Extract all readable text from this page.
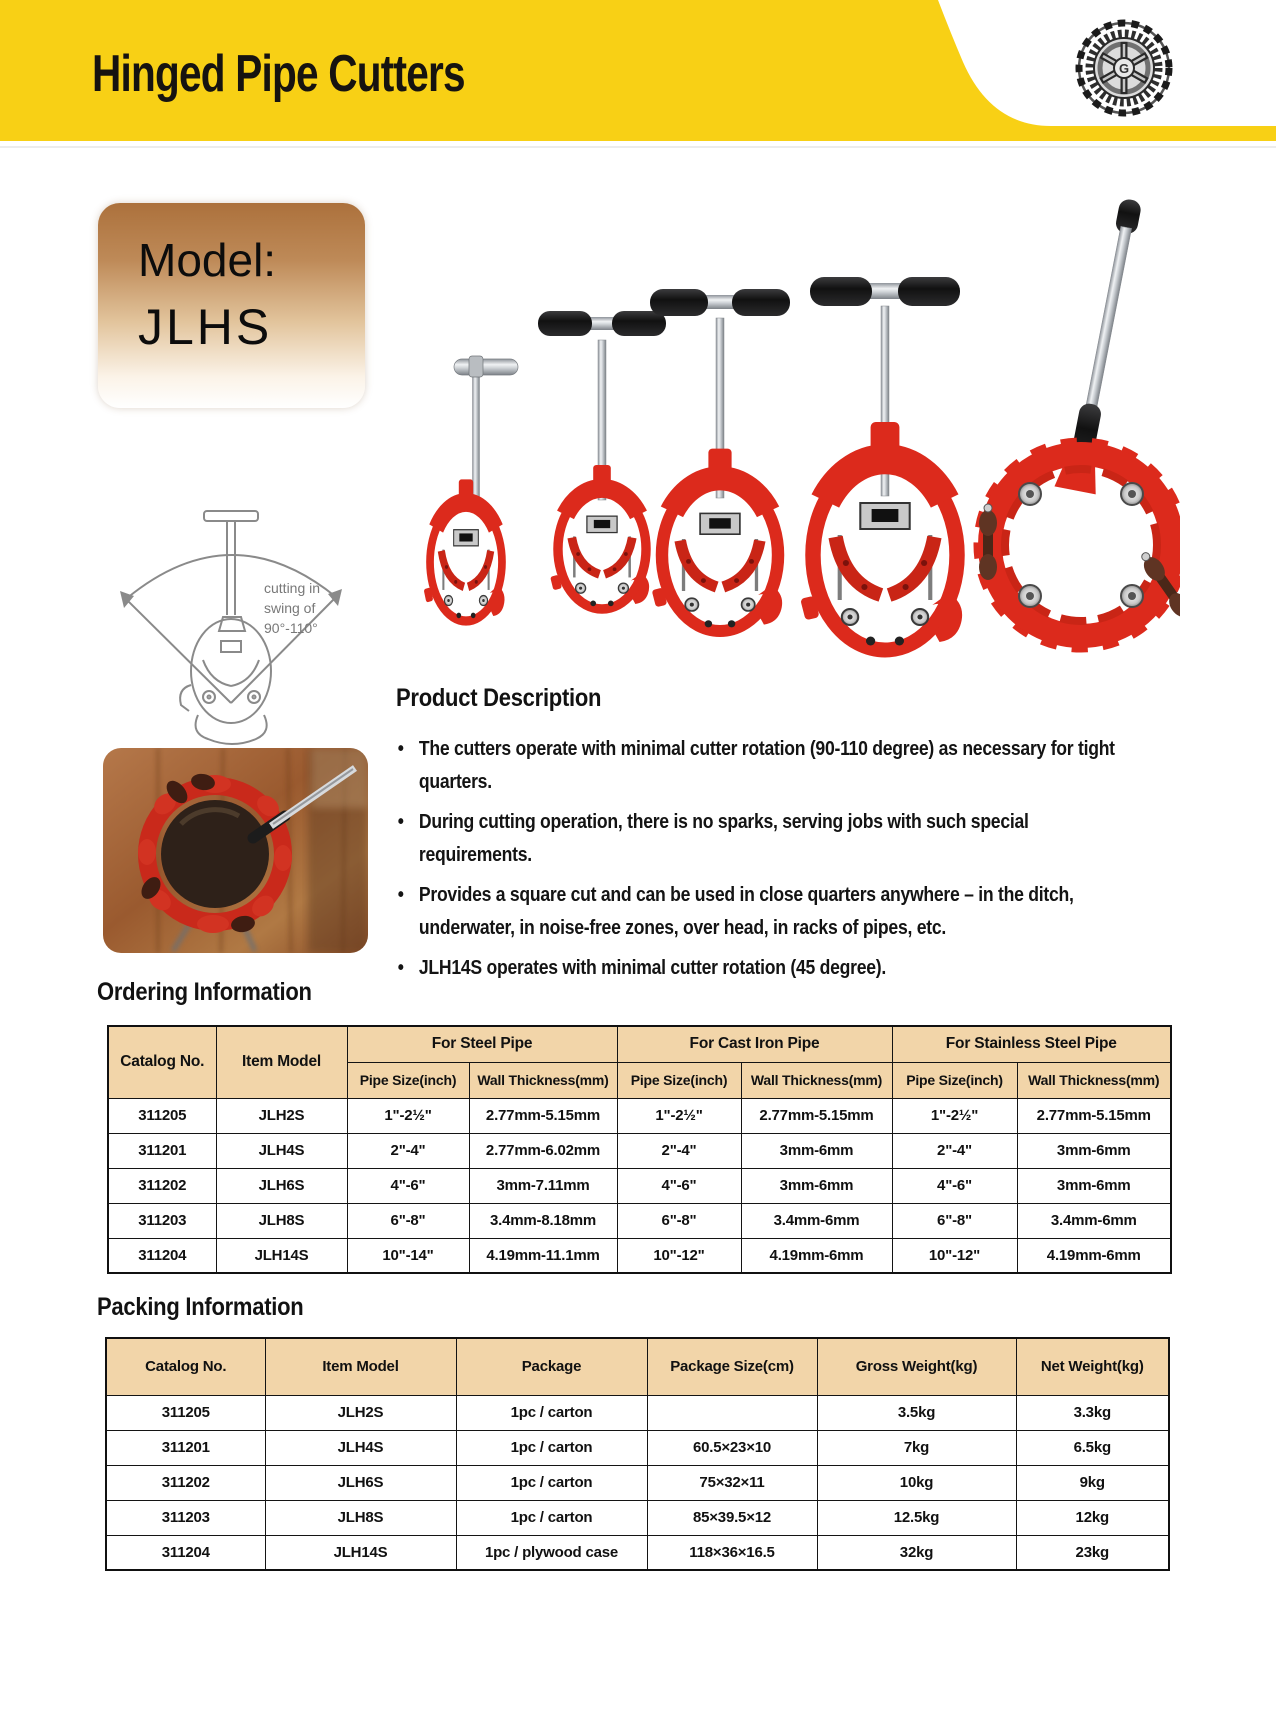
Hinged Pipe Cutters	G
Model:
JLHS
cutting in
swing of
90°-110°
Product Description
• The cutters operate with minimal cutter rotation (90-110 degree) as necessary for tight quarters.
• During cutting operation, there is no sparks, serving jobs with such special requirements.
• Provides a square cut and can be used in close quarters anywhere – in the ditch, underwater, in noise-free zones, over head, in racks of pipes, etc.
• JLH14S operates with minimal cutter rotation (45 degree).
Ordering Information
Catalog No.	Item Model	For Steel Pipe		For Cast Iron Pipe		For Stainless Steel Pipe	
		Pipe Size(inch)	Wall Thickness(mm)	Pipe Size(inch)	Wall Thickness(mm)	Pipe Size(inch)	Wall Thickness(mm)
311205	JLH2S	1"-2½"	2.77mm-5.15mm	1"-2½"	2.77mm-5.15mm	1"-2½"	2.77mm-5.15mm
311201	JLH4S	2"-4"	2.77mm-6.02mm	2"-4"	3mm-6mm	2"-4"	3mm-6mm
311202	JLH6S	4"-6"	3mm-7.11mm	4"-6"	3mm-6mm	4"-6"	3mm-6mm
311203	JLH8S	6"-8"	3.4mm-8.18mm	6"-8"	3.4mm-6mm	6"-8"	3.4mm-6mm
311204	JLH14S	10"-14"	4.19mm-11.1mm	10"-12"	4.19mm-6mm	10"-12"	4.19mm-6mm
Packing Information
Catalog No.	Item Model	Package	Package Size(cm)	Gross Weight(kg)	Net Weight(kg)
311205	JLH2S	1pc / carton		3.5kg	3.3kg
311201	JLH4S	1pc / carton	60.5×23×10	7kg	6.5kg
311202	JLH6S	1pc / carton	75×32×11	10kg	9kg
311203	JLH8S	1pc / carton	85×39.5×12	12.5kg	12kg
311204	JLH14S	1pc / plywood case	118×36×16.5	32kg	23kg
